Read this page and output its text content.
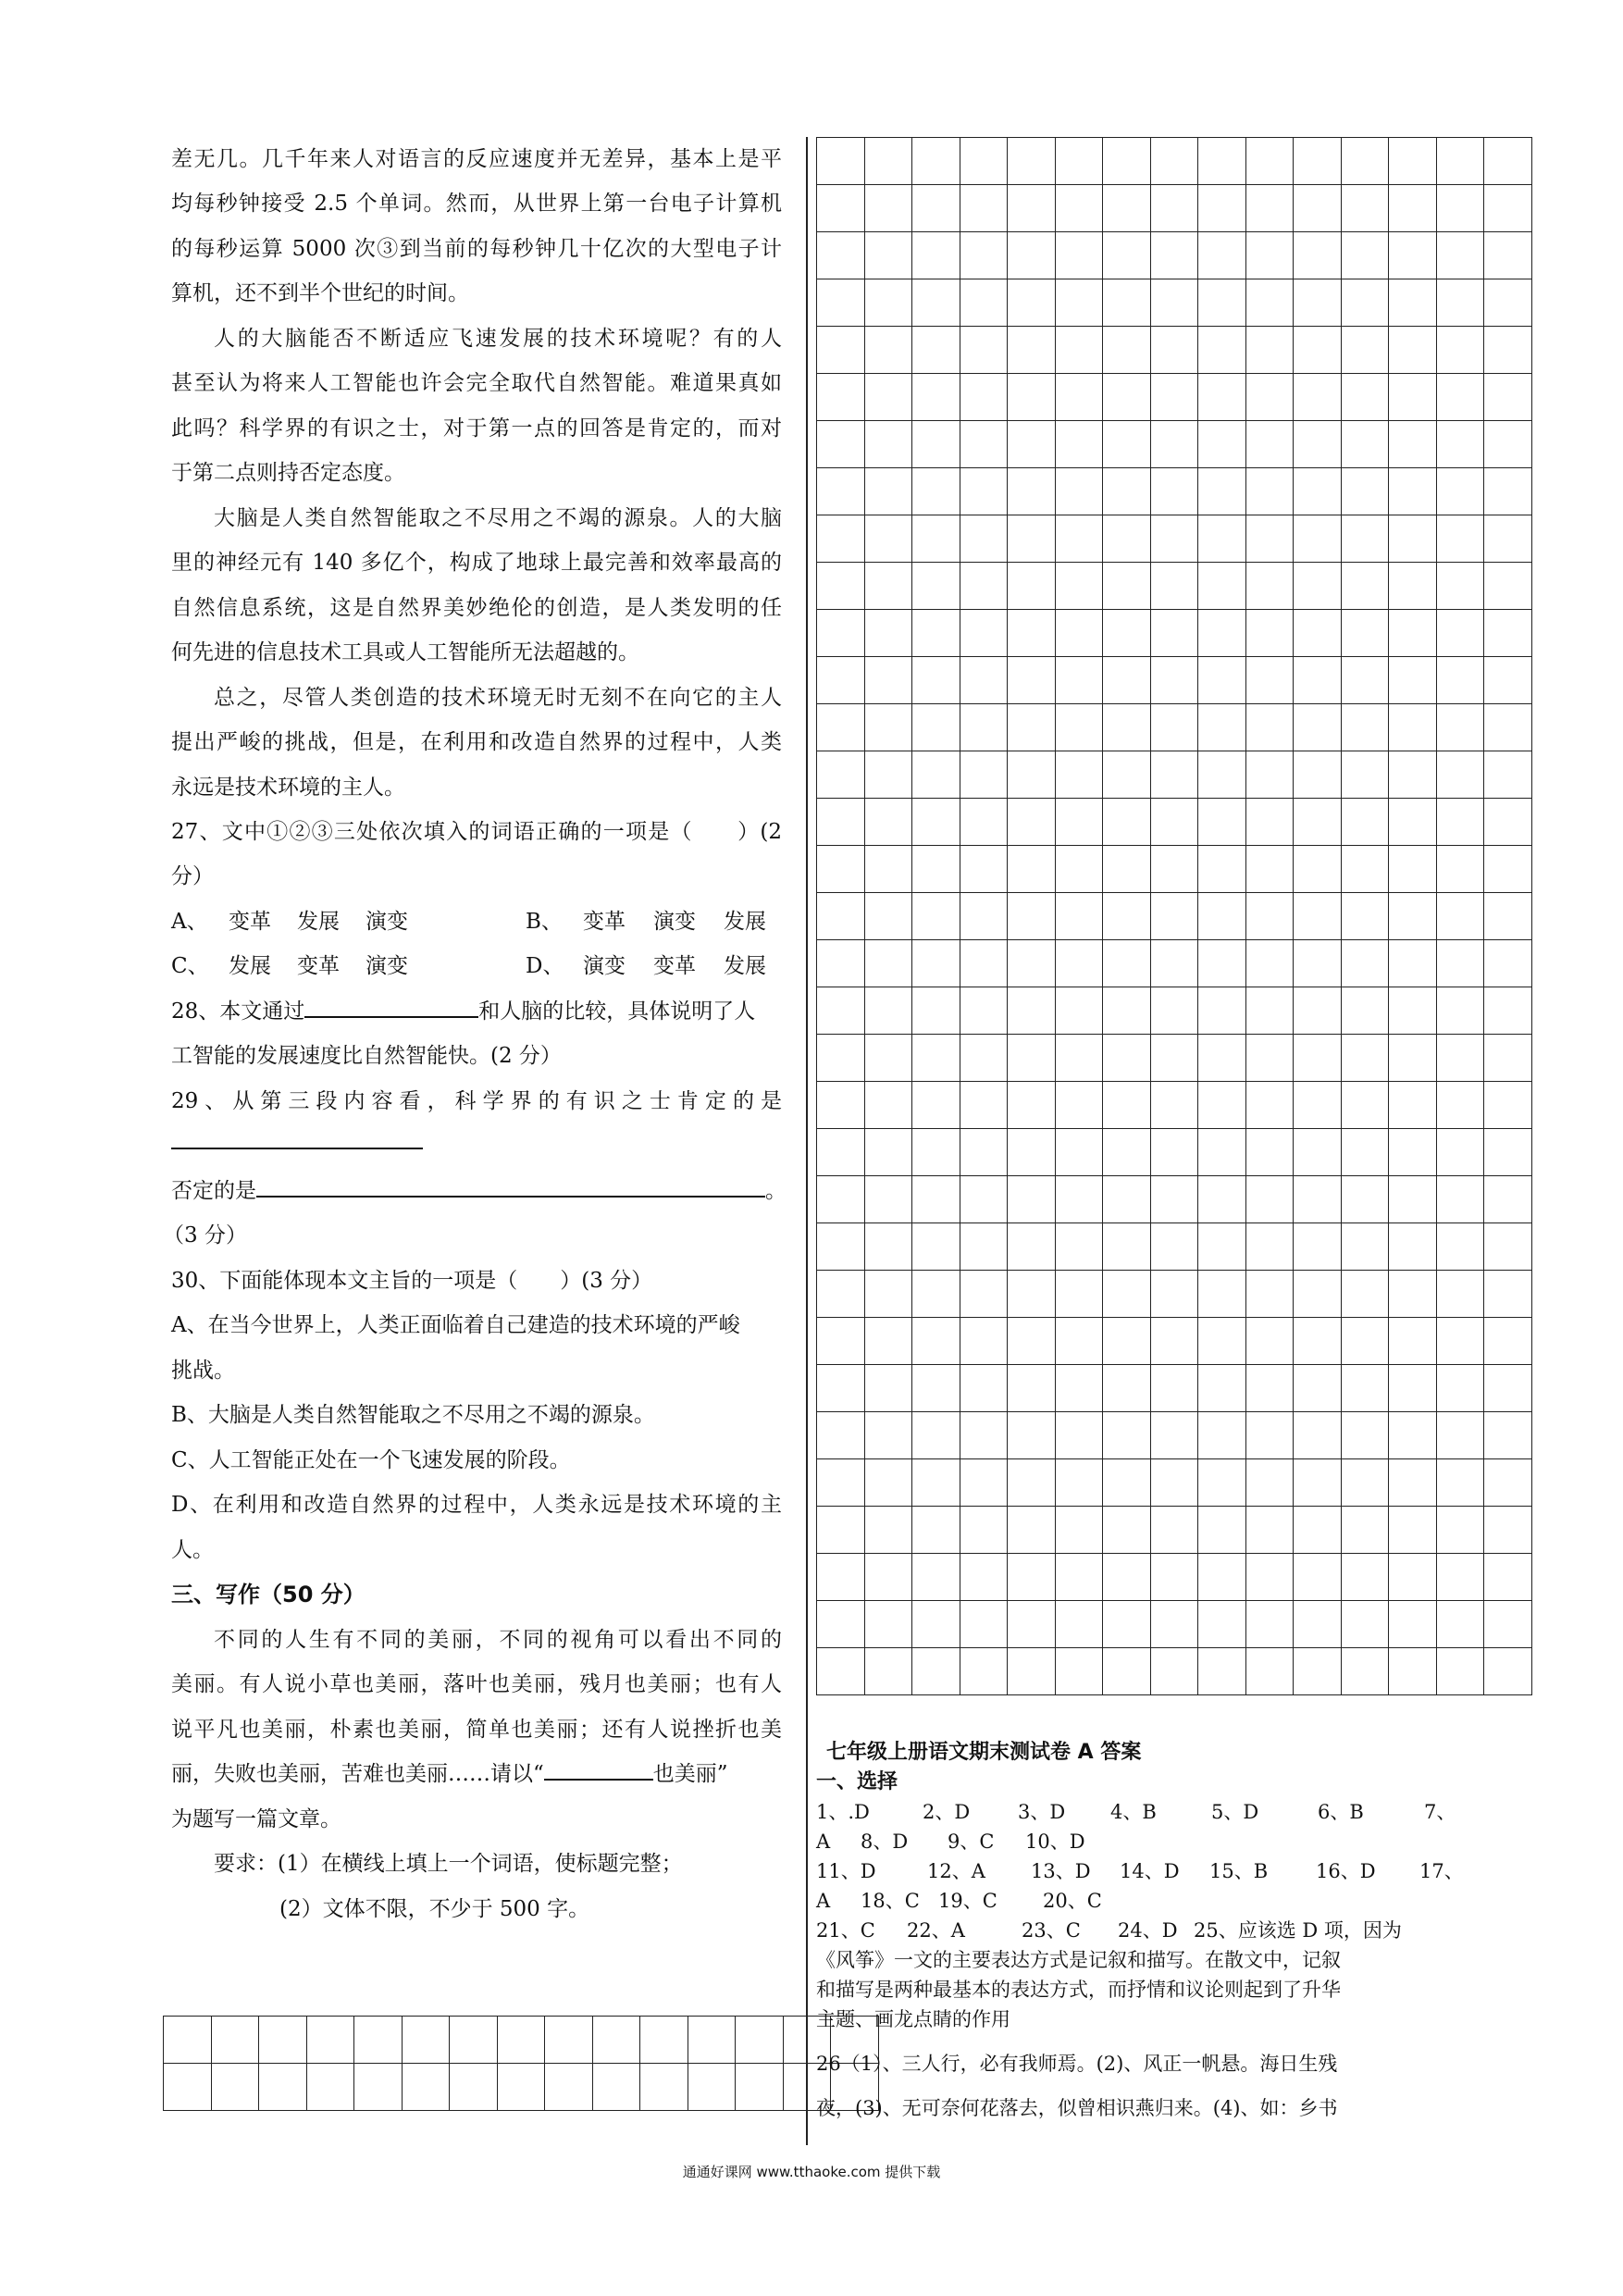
差无几。几千年来人对语言的反应速度并无差异，基本上是平

均每秒钟接受 2.5 个单词。然而，从世界上第一台电子计算机

的每秒运算 5000 次③到当前的每秒钟几十亿次的大型电子计

算机，还不到半个世纪的时间。

人的大脑能否不断适应飞速发展的技术环境呢？有的人

甚至认为将来人工智能也许会完全取代自然智能。难道果真如

此吗？科学界的有识之士，对于第一点的回答是肯定的，而对

于第二点则持否定态度。

大脑是人类自然智能取之不尽用之不竭的源泉。人的大脑

里的神经元有 140 多亿个，构成了地球上最完善和效率最高的

自然信息系统，这是自然界美妙绝伦的创造，是人类发明的任

何先进的信息技术工具或人工智能所无法超越的。

总之，尽管人类创造的技术环境无时无刻不在向它的主人

提出严峻的挑战，但是，在利用和改造自然界的过程中，人类

永远是技术环境的主人。

27、文中①②③三处依次填入的词语正确的一项是（　　）(2

分）

A、 变革 发展 演变	B、 变革 演变 发展

C、 发展 变革 演变	D、 演变 变革 发展

28、本文通过	和人脑的比较，具体说明了人

工智能的发展速度比自然智能快。(2 分）

29、从第三段内容看，科学界的有识之士肯定的是

否定的是	。

（3 分）

30、下面能体现本文主旨的一项是（　　）(3 分）

A、在当今世界上，人类正面临着自己建造的技术环境的严峻

挑战。

B、大脑是人类自然智能取之不尽用之不竭的源泉。

C、人工智能正处在一个飞速发展的阶段。

D、在利用和改造自然界的过程中，人类永远是技术环境的主

人。

三、写作（50 分）

不同的人生有不同的美丽，不同的视角可以看出不同的

美丽。有人说小草也美丽，落叶也美丽，残月也美丽；也有人

说平凡也美丽，朴素也美丽，简单也美丽；还有人说挫折也美

丽，失败也美丽，苦难也美丽……请以“	也美丽”

为题写一篇文章。

要求：(1）在横线上填上一个词语，使标题完整；

(2）文体不限，不少于 500 字。

七年级上册语文期末测试卷 A 答案
一、选择
1、.D	2、D 3、D 4、B	5、D	6、B	7、
A 8、D 9、C 10、D
11、D	12、A 13、D 14、D 15、B 16、D 17、
A 18、C 19、C 20、C
21、C 22、A	23、C 24、D 25、应该选 D 项，因为
《风筝》一文的主要表达方式是记叙和描写。在散文中，记叙
和描写是两种最基本的表达方式，而抒情和议论则起到了升华
主题、画龙点睛的作用
26（1）、三人行，必有我师焉。(2)、风正一帆悬。海日生残
夜，(3)、无可奈何花落去，似曾相识燕归来。(4)、如：乡书
通通好课网 www.tthaoke.com 提供下载
